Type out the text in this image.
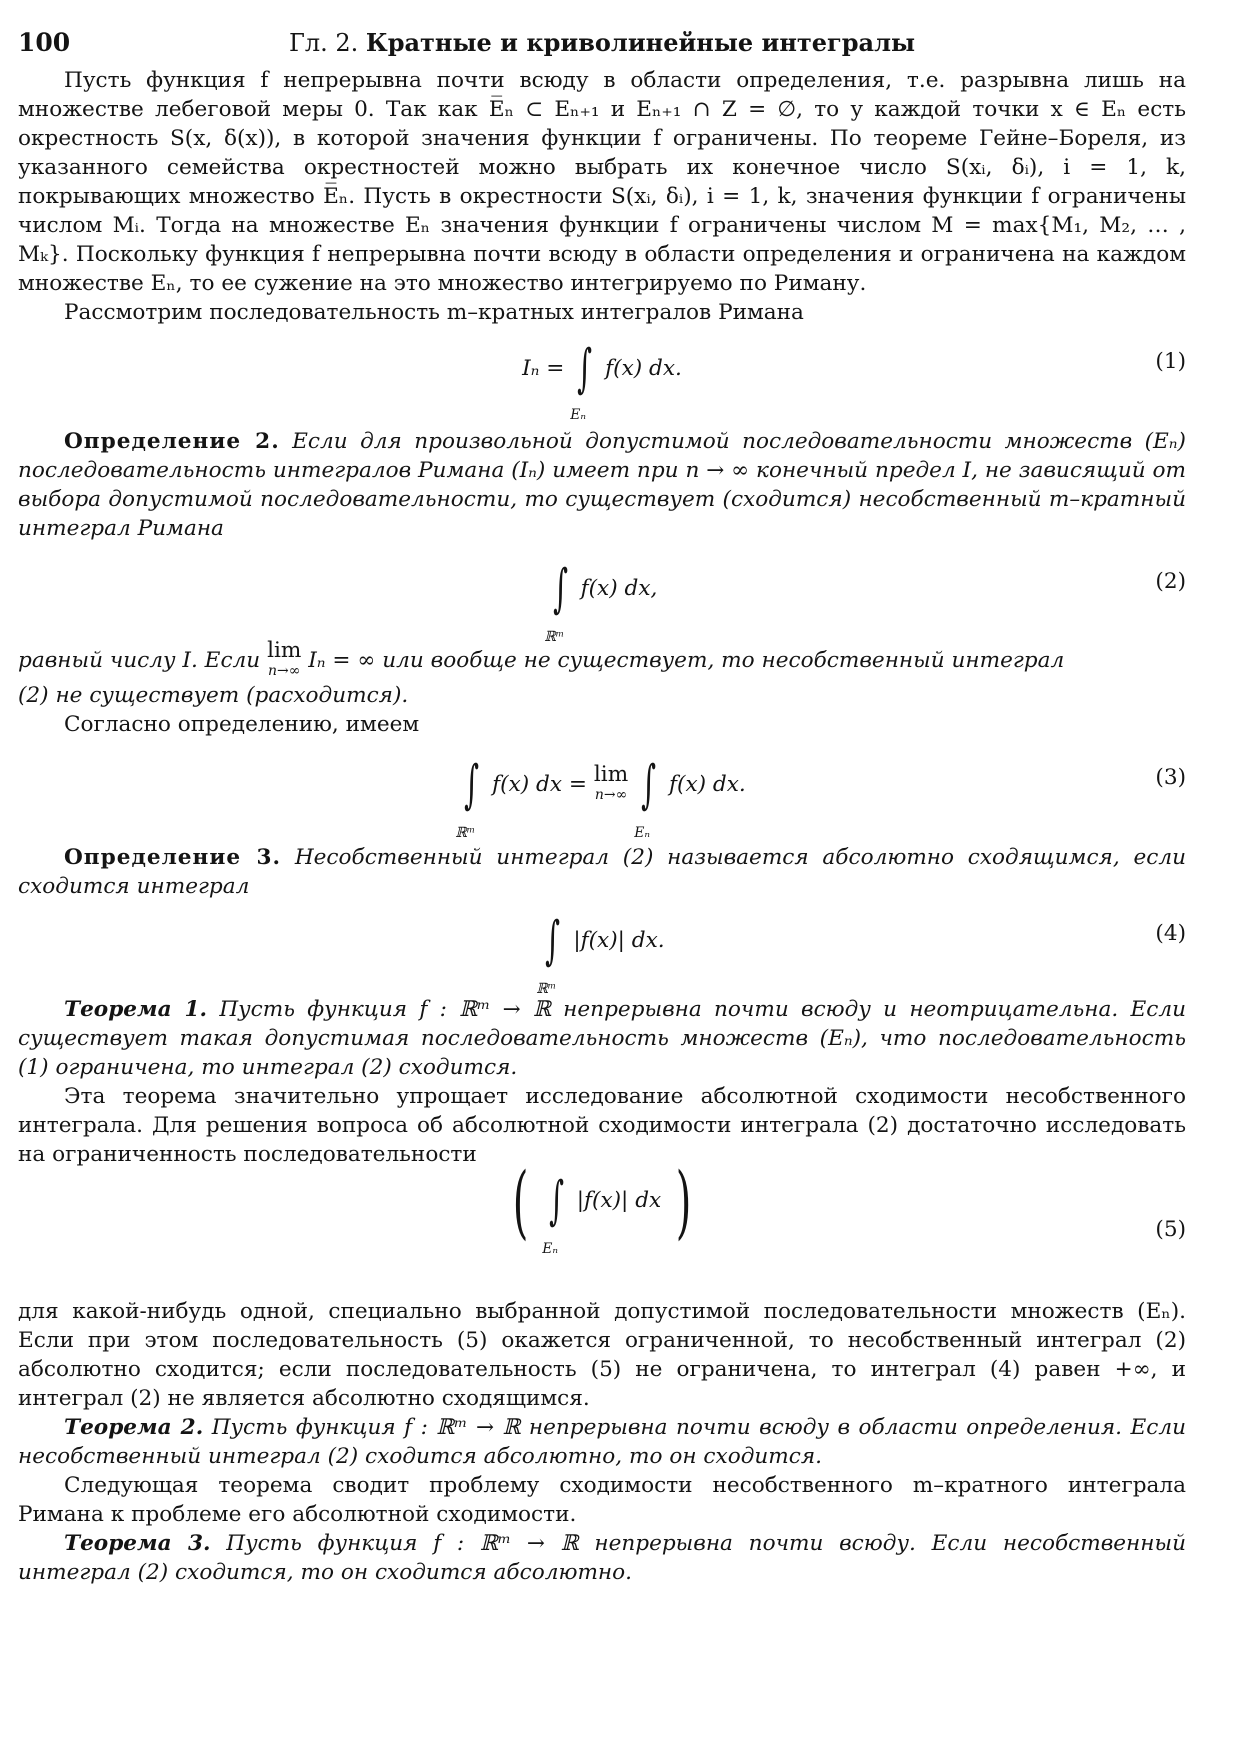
100	Гл. 2. Кратные и криволинейные интегралы

Пусть функция f непрерывна почти всюду в области определения, т.е. разрывна лишь на множестве лебеговой меры 0. Так как E̅ₙ ⊂ Eₙ₊₁ и Eₙ₊₁ ∩ Z = ∅, то у каждой точки x ∈ Eₙ есть окрестность S(x, δ(x)), в которой значения функции f ограничены. По теореме Гейне–Бореля, из указанного семейства окрестностей можно выбрать их конечное число S(xᵢ, δᵢ), i = 1, k, покрывающих множество E̅ₙ. Пусть в окрестности S(xᵢ, δᵢ), i = 1, k, значения функции f ограничены числом Mᵢ. Тогда на множестве Eₙ значения функции f ограничены числом M = max{M₁, M₂, … , Mₖ}. Поскольку функция f непрерывна почти всюду в области определения и ограничена на каждом множестве Eₙ, то ее сужение на это множество интегрируемо по Риману.

Рассмотрим последовательность m–кратных интегралов Римана

Iₙ = ∫
Eₙ
f(x) dx.	(1)

Определение 2. Если для произвольной допустимой последовательности множеств (Eₙ) последовательность интегралов Римана (Iₙ) имеет при n → ∞ конечный предел I, не зависящий от выбора допустимой последовательности, то существует (сходится) несобственный m–кратный интеграл Римана

∫
ℝᵐ
f(x) dx,	(2)

равный числу I. Если lim
n→∞ Iₙ = ∞ или вообще не существует, то несобственный интеграл
(2) не существует (расходится).

Согласно определению, имеем

∫
ℝᵐ
f(x) dx = lim
n→∞ ∫
Eₙ
f(x) dx.	(3)

Определение 3. Несобственный интеграл (2) называется абсолютно сходящимся, если сходится интеграл

∫
ℝᵐ
|f(x)| dx.	(4)

Теорема 1. Пусть функция f : ℝᵐ → ℝ непрерывна почти всюду и неотрицательна. Если существует такая допустимая последовательность множеств (Eₙ), что последовательность (1) ограничена, то интеграл (2) сходится.

Эта теорема значительно упрощает исследование абсолютной сходимости несобственного интеграла. Для решения вопроса об абсолютной сходимости интеграла (2) достаточно исследовать на ограниченность последовательности ( ∫
Eₙ
|f(x)| dx )	(5)

для какой-нибудь одной, специально выбранной допустимой последовательности множеств (Eₙ). Если при этом последовательность (5) окажется ограниченной, то несобственный интеграл (2) абсолютно сходится; если последовательность (5) не ограничена, то интеграл (4) равен +∞, и интеграл (2) не является абсолютно сходящимся.

Теорема 2. Пусть функция f : ℝᵐ → ℝ непрерывна почти всюду в области определения. Если несобственный интеграл (2) сходится абсолютно, то он сходится.

Следующая теорема сводит проблему сходимости несобственного m–кратного интеграла Римана к проблеме его абсолютной сходимости.

Теорема 3. Пусть функция f : ℝᵐ → ℝ непрерывна почти всюду. Если несобственный интеграл (2) сходится, то он сходится абсолютно.
